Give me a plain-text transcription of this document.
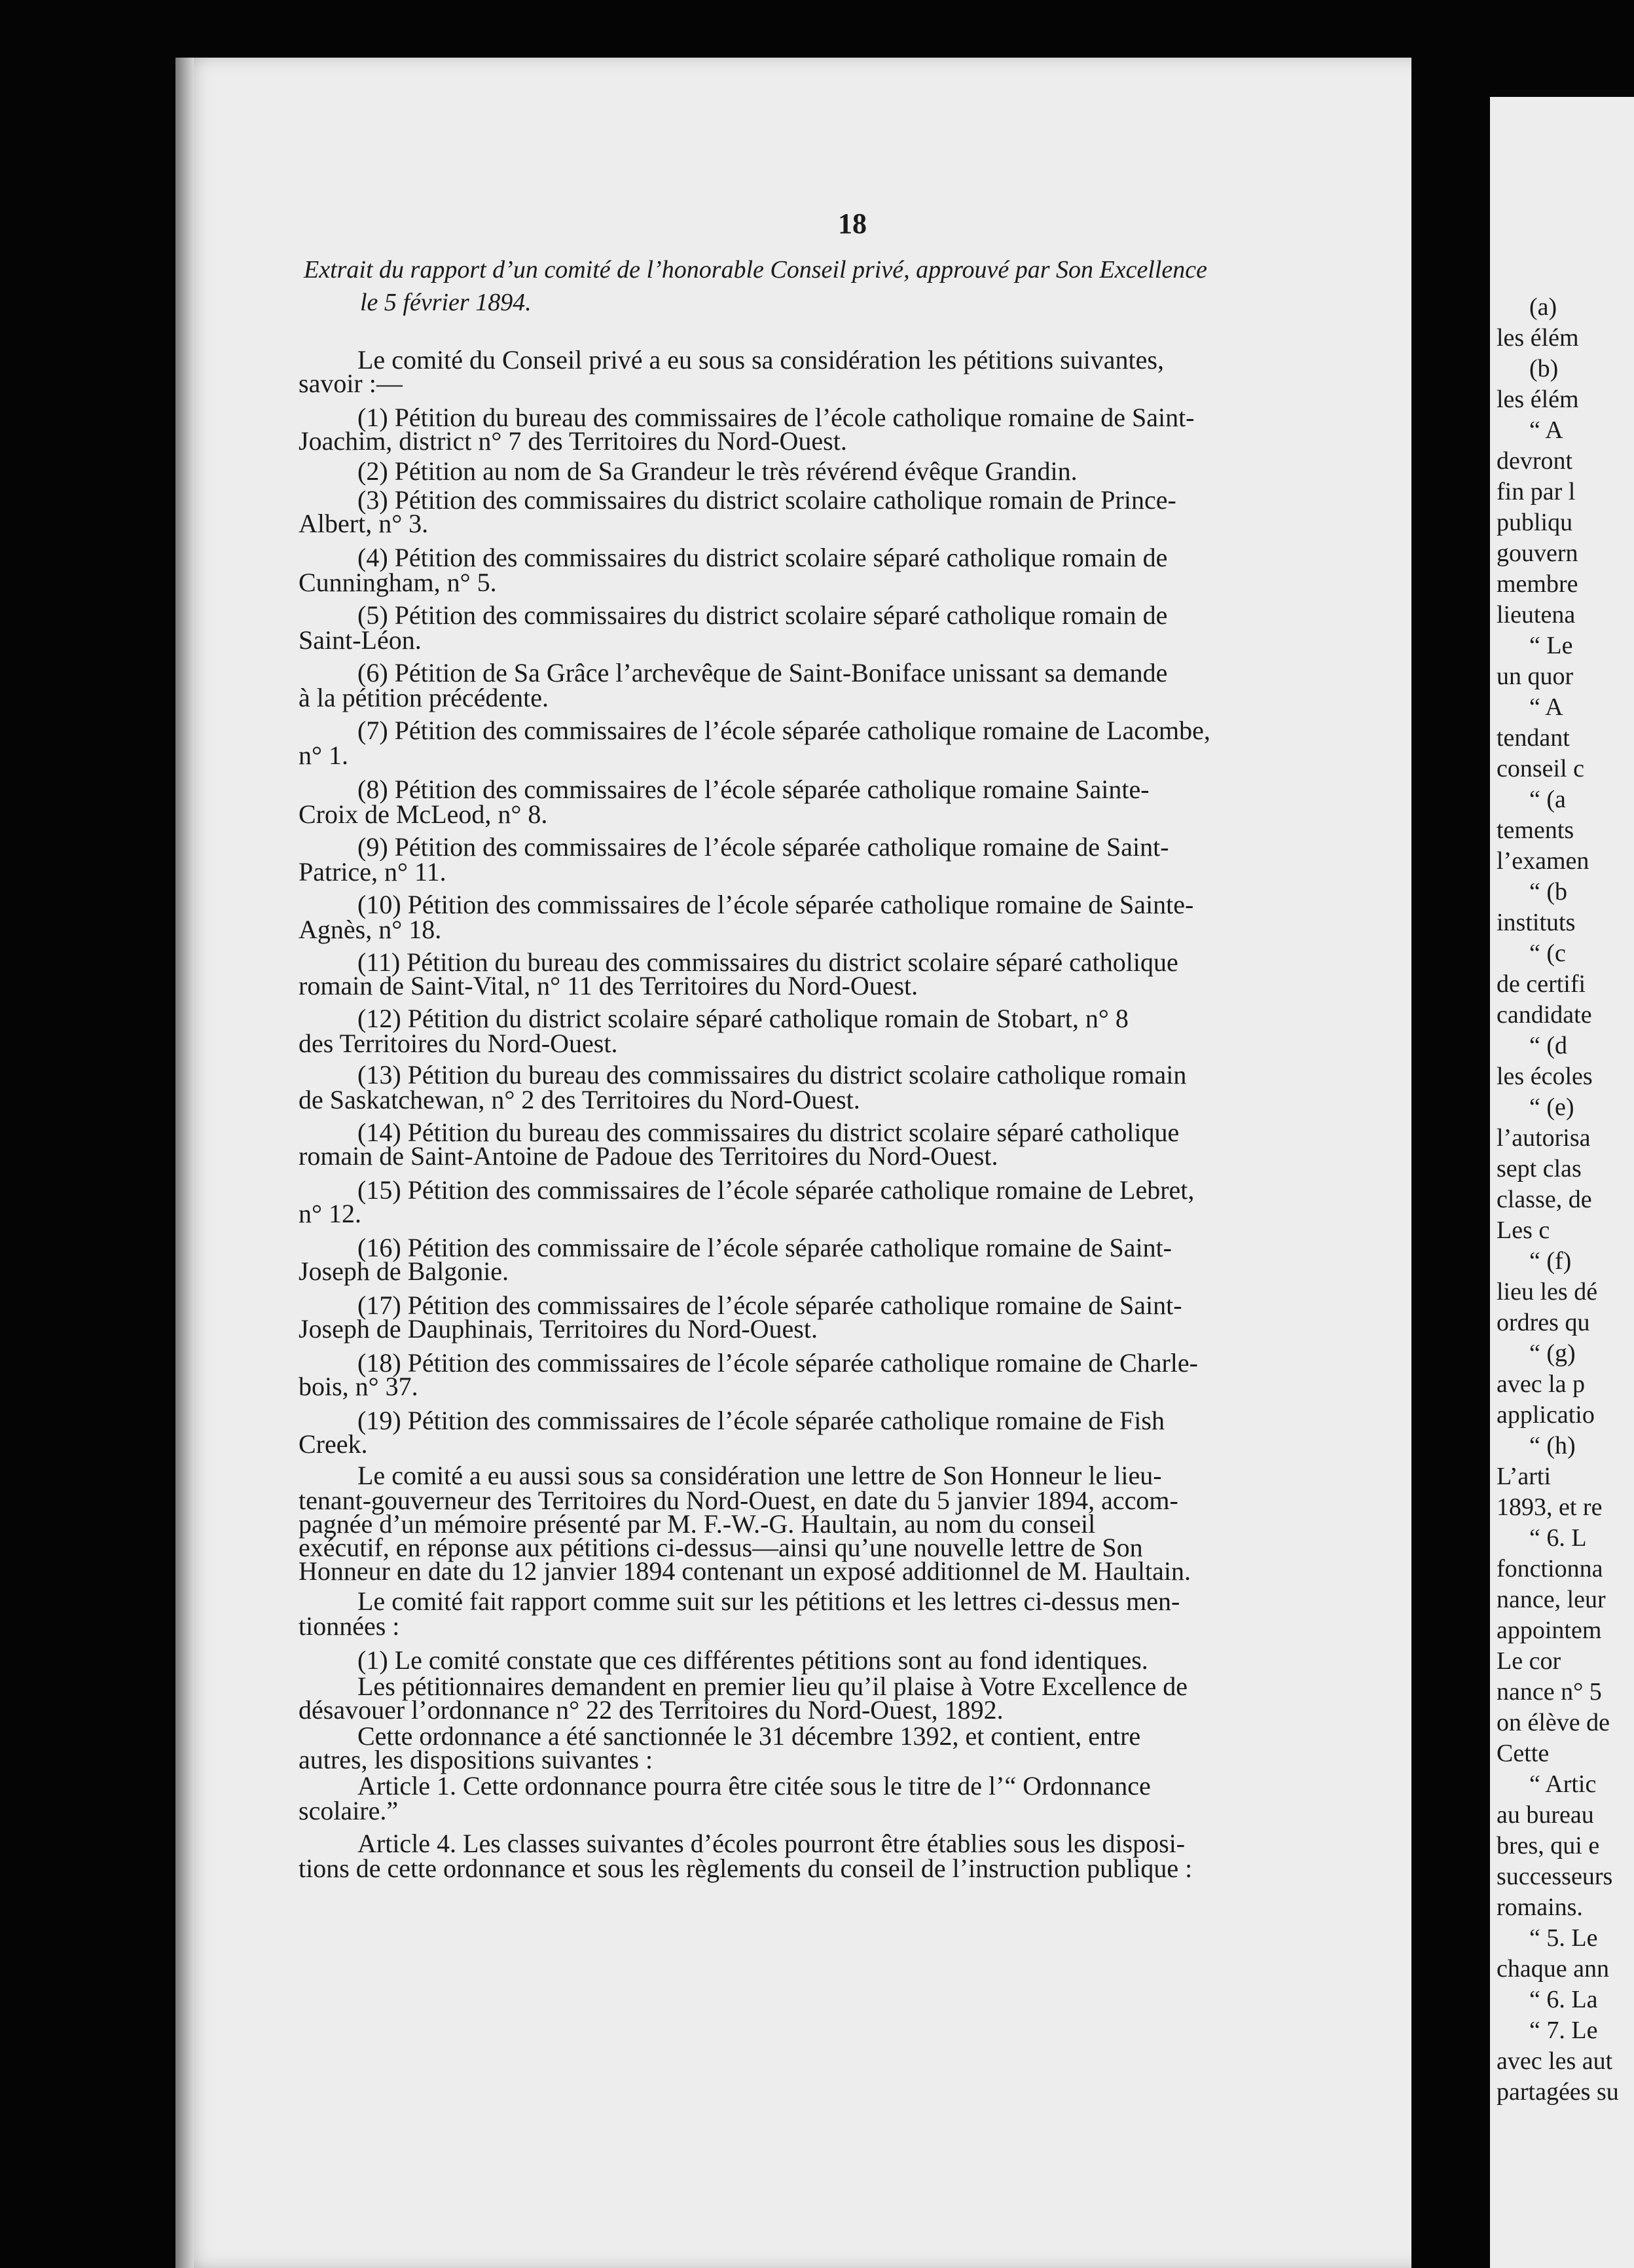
18
Extrait du rapport d’un comité de l’honorable Conseil privé, approuvé par Son Excellence
le 5 février 1894.
Le comité du Conseil privé a eu sous sa considération les pétitions suivantes,
savoir :—
(1) Pétition du bureau des commissaires de l’école catholique romaine de Saint-
Joachim, district n° 7 des Territoires du Nord-Ouest.
(2) Pétition au nom de Sa Grandeur le très révérend évêque Grandin.
(3) Pétition des commissaires du district scolaire catholique romain de Prince-
Albert, n° 3.
(4) Pétition des commissaires du district scolaire séparé catholique romain de
Cunningham, n° 5.
(5) Pétition des commissaires du district scolaire séparé catholique romain de
Saint-Léon.
(6) Pétition de Sa Grâce l’archevêque de Saint-Boniface unissant sa demande
à la pétition précédente.
(7) Pétition des commissaires de l’école séparée catholique romaine de Lacombe,
n° 1.
(8) Pétition des commissaires de l’école séparée catholique romaine Sainte-
Croix de McLeod, n° 8.
(9) Pétition des commissaires de l’école séparée catholique romaine de Saint-
Patrice, n° 11.
(10) Pétition des commissaires de l’école séparée catholique romaine de Sainte-
Agnès, n° 18.
(11) Pétition du bureau des commissaires du district scolaire séparé catholique
romain de Saint-Vital, n° 11 des Territoires du Nord-Ouest.
(12) Pétition du district scolaire séparé catholique romain de Stobart, n° 8
des Territoires du Nord-Ouest.
(13) Pétition du bureau des commissaires du district scolaire catholique romain
de Saskatchewan, n° 2 des Territoires du Nord-Ouest.
(14) Pétition du bureau des commissaires du district scolaire séparé catholique
romain de Saint-Antoine de Padoue des Territoires du Nord-Ouest.
(15) Pétition des commissaires de l’école séparée catholique romaine de Lebret,
n° 12.
(16) Pétition des commissaire de l’école séparée catholique romaine de Saint-
Joseph de Balgonie.
(17) Pétition des commissaires de l’école séparée catholique romaine de Saint-
Joseph de Dauphinais, Territoires du Nord-Ouest.
(18) Pétition des commissaires de l’école séparée catholique romaine de Charle-
bois, n° 37.
(19) Pétition des commissaires de l’école séparée catholique romaine de Fish
Creek.
Le comité a eu aussi sous sa considération une lettre de Son Honneur le lieu-
tenant-gouverneur des Territoires du Nord-Ouest, en date du 5 janvier 1894, accom-
pagnée d’un mémoire présenté par M. F.-W.-G. Haultain, au nom du conseil
exécutif, en réponse aux pétitions ci-dessus—ainsi qu’une nouvelle lettre de Son
Honneur en date du 12 janvier 1894 contenant un exposé additionnel de M. Haultain.
Le comité fait rapport comme suit sur les pétitions et les lettres ci-dessus men-
tionnées :
(1) Le comité constate que ces différentes pétitions sont au fond identiques.
Les pétitionnaires demandent en premier lieu qu’il plaise à Votre Excellence de
désavouer l’ordonnance n° 22 des Territoires du Nord-Ouest, 1892.
Cette ordonnance a été sanctionnée le 31 décembre 1392, et contient, entre
autres, les dispositions suivantes :
Article 1. Cette ordonnance pourra être citée sous le titre de l’“ Ordonnance
scolaire.”
Article 4. Les classes suivantes d’écoles pourront être établies sous les disposi-
tions de cette ordonnance et sous les règlements du conseil de l’instruction publique :
(a)
les élém
(b)
les élém
“ A
devront
fin par l
publiqu
gouvern
membre
lieutena
“ Le
un quor
“ A
tendant
conseil c
“ (a
tements
l’examen
“ (b
instituts
“ (c
de certifi
candidate
“ (d
les écoles
“ (e)
l’autorisa
sept clas
classe, de
Les c
“ (f)
lieu les dé
ordres qu
“ (g)
avec la p
applicatio
“ (h)
L’arti
1893, et re
“ 6. L
fonctionna
nance, leur
appointem
Le cor
nance n° 5
on élève de
Cette
“ Artic
au bureau
bres, qui e
successeurs
romains.
“ 5. Le
chaque ann
“ 6. La
“ 7. Le
avec les aut
partagées su
